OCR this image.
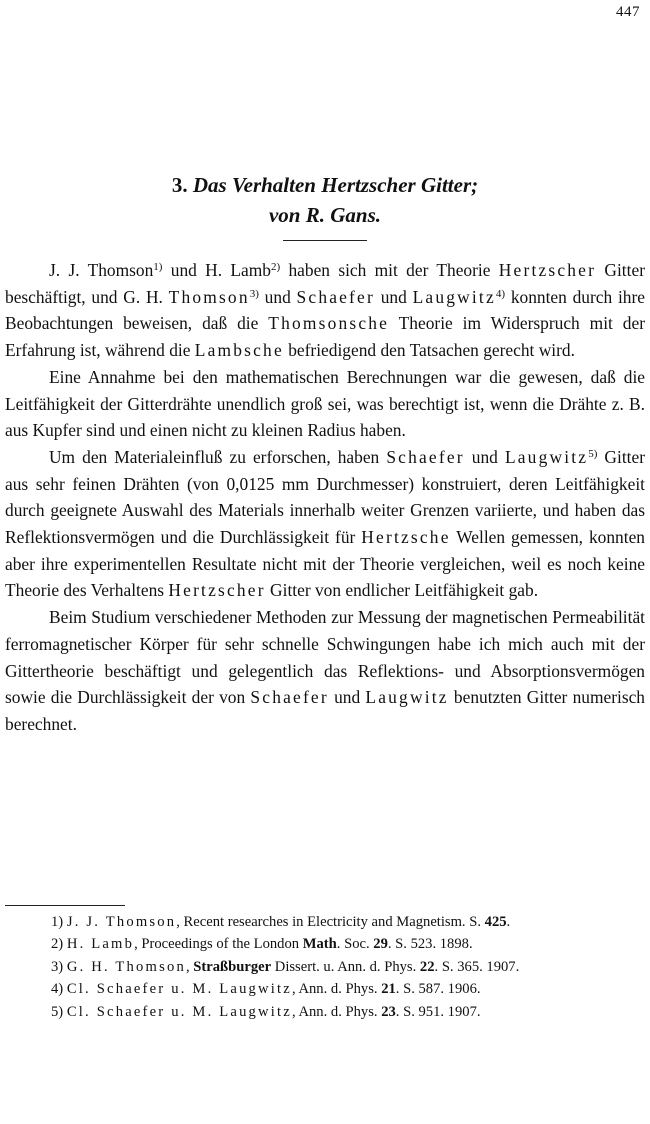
447
3. Das Verhalten Hertzscher Gitter;
von R. Gans.

J. J. Thomson$^{1)}$ und H. Lamb$^{2)}$ haben sich mit der Theorie Hertzscher Gitter beschäftigt, und G. H. Thomson$^{3)}$ und Schaefer und Laugwitz$^{4)}$ konnten durch ihre Beobachtungen beweisen, daß die Thomsonsche Theorie im Widerspruch mit der Erfahrung ist, während die Lambsche befriedigend den Tatsachen gerecht wird.

Eine Annahme bei den mathematischen Berechnungen war die gewesen, daß die Leitfähigkeit der Gitterdrähte unendlich groß sei, was berechtigt ist, wenn die Drähte z. B. aus Kupfer sind und einen nicht zu kleinen Radius haben.

Um den Materialeinfluß zu erforschen, haben Schaefer und Laugwitz$^{5)}$ Gitter aus sehr feinen Drähten (von 0,0125 mm Durchmesser) konstruiert, deren Leitfähigkeit durch geeignete Auswahl des Materials innerhalb weiter Grenzen variierte, und haben das Reflektionsvermögen und die Durchlässigkeit für Hertzsche Wellen gemessen, konnten aber ihre experimentellen Resultate nicht mit der Theorie vergleichen, weil es noch keine Theorie des Verhaltens Hertzscher Gitter von endlicher Leitfähigkeit gab.

Beim Studium verschiedener Methoden zur Messung der magnetischen Permeabilität ferromagnetischer Körper für sehr schnelle Schwingungen habe ich mich auch mit der Gittertheorie beschäftigt und gelegentlich das Reflektions- und Absorptionsvermögen sowie die Durchlässigkeit der von Schaefer und Laugwitz benutzten Gitter numerisch berechnet.

1) J. J. Thomson, Recent researches in Electricity and Magnetism. S. 425.

2) H. Lamb, Proceedings of the London Math. Soc. 29. S. 523. 1898.

3) G. H. Thomson, Straßburger Dissert. u. Ann. d. Phys. 22. S. 365. 1907.

4) Cl. Schaefer u. M. Laugwitz, Ann. d. Phys. 21. S. 587. 1906.

5) Cl. Schaefer u. M. Laugwitz, Ann. d. Phys. 23. S. 951. 1907.
